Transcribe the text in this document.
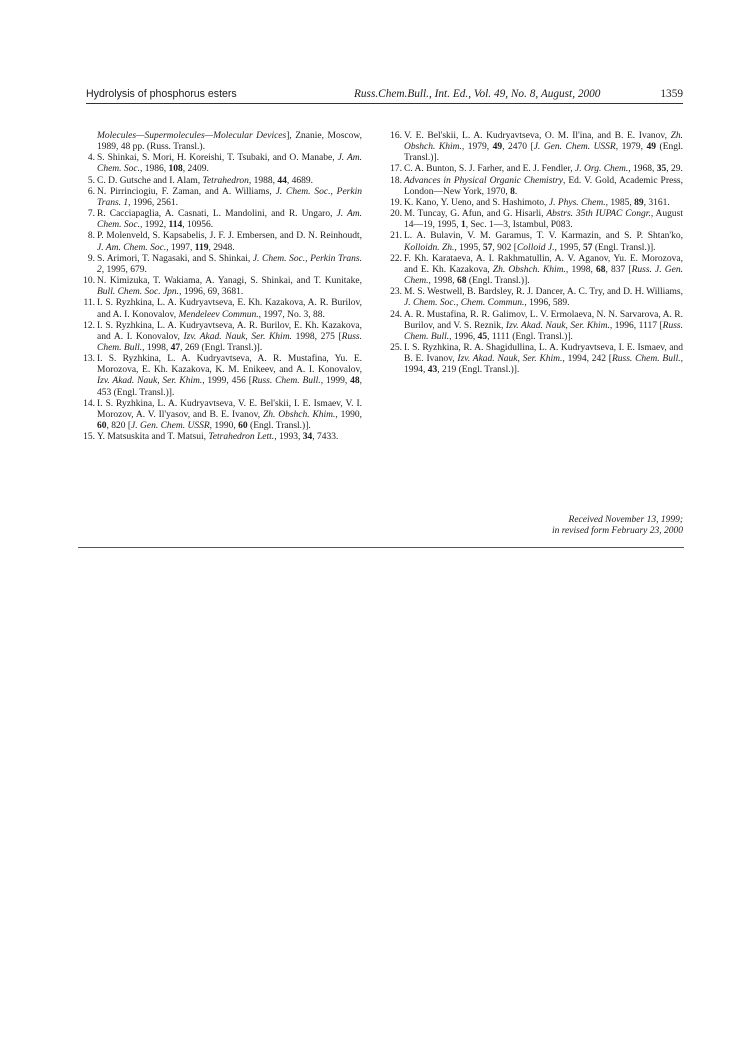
Hydrolysis of phosphorus esters	Russ.Chem.Bull., Int. Ed., Vol. 49, No. 8, August, 2000	1359
Molecules—Supermolecules—Molecular Devices], Znanie, Moscow, 1989, 48 pp. (Russ. Transl.).
4. S. Shinkai, S. Mori, H. Koreishi, T. Tsubaki, and O. Manabe, J. Am. Chem. Soc., 1986, 108, 2409.
5. C. D. Gutsche and I. Alam, Tetrahedron, 1988, 44, 4689.
6. N. Pirrinciogiu, F. Zaman, and A. Williams, J. Chem. Soc., Perkin Trans. 1, 1996, 2561.
7. R. Cacciapaglia, A. Casnati, L. Mandolini, and R. Ungaro, J. Am. Chem. Soc., 1992, 114, 10956.
8. P. Molenveld, S. Kapsabelis, J. F. J. Embersen, and D. N. Reinhoudt, J. Am. Chem. Soc., 1997, 119, 2948.
9. S. Arimori, T. Nagasaki, and S. Shinkai, J. Chem. Soc., Perkin Trans. 2, 1995, 679.
10. N. Kimizuka, T. Wakiama, A. Yanagi, S. Shinkai, and T. Kunitake, Bull. Chem. Soc. Jpn., 1996, 69, 3681.
11. I. S. Ryzhkina, L. A. Kudryavtseva, E. Kh. Kazakova, A. R. Burilov, and A. I. Konovalov, Mendeleev Commun., 1997, No. 3, 88.
12. I. S. Ryzhkina, L. A. Kudryavtseva, A. R. Burilov, E. Kh. Kazakova, and A. I. Konovalov, Izv. Akad. Nauk, Ser. Khim. 1998, 275 [Russ. Chem. Bull., 1998, 47, 269 (Engl. Transl.)].
13. I. S. Ryzhkina, L. A. Kudryavtseva, A. R. Mustafina, Yu. E. Morozova, E. Kh. Kazakova, K. M. Enikeev, and A. I. Konovalov, Izv. Akad. Nauk, Ser. Khim., 1999, 456 [Russ. Chem. Bull., 1999, 48, 453 (Engl. Transl.)].
14. I. S. Ryzhkina, L. A. Kudryavtseva, V. E. Bel'skii, I. E. Ismaev, V. I. Morozov, A. V. Il'yasov, and B. E. Ivanov, Zh. Obshch. Khim., 1990, 60, 820 [J. Gen. Chem. USSR, 1990, 60 (Engl. Transl.)].
15. Y. Matsuskita and T. Matsui, Tetrahedron Lett., 1993, 34, 7433.
16. V. E. Bel'skii, L. A. Kudryavtseva, O. M. Il'ina, and B. E. Ivanov, Zh. Obshch. Khim., 1979, 49, 2470 [J. Gen. Chem. USSR, 1979, 49 (Engl. Transl.)].
17. C. A. Bunton, S. J. Farher, and E. J. Fendler, J. Org. Chem., 1968, 35, 29.
18. Advances in Physical Organic Chemistry, Ed. V. Gold, Academic Press, London—New York, 1970, 8.
19. K. Kano, Y. Ueno, and S. Hashimoto, J. Phys. Chem., 1985, 89, 3161.
20. M. Tuncay, G. Afun, and G. Hisarli, Abstrs. 35th IUPAC Congr., August 14—19, 1995, 1, Sec. 1—3, Istambul, P083.
21. L. A. Bulavin, V. M. Garamus, T. V. Karmazin, and S. P. Shtan'ko, Kolloidn. Zh., 1995, 57, 902 [Colloid J., 1995, 57 (Engl. Transl.)].
22. F. Kh. Karataeva, A. I. Rakhmatullin, A. V. Aganov, Yu. E. Morozova, and E. Kh. Kazakova, Zh. Obshch. Khim., 1998, 68, 837 [Russ. J. Gen. Chem., 1998, 68 (Engl. Transl.)].
23. M. S. Westwell, B. Bardsley, R. J. Dancer, A. C. Try, and D. H. Williams, J. Chem. Soc., Chem. Commun., 1996, 589.
24. A. R. Mustafina, R. R. Galimov, L. V. Ermolaeva, N. N. Sarvarova, A. R. Burilov, and V. S. Reznik, Izv. Akad. Nauk, Ser. Khim., 1996, 1117 [Russ. Chem. Bull., 1996, 45, 1111 (Engl. Transl.)].
25. I. S. Ryzhkina, R. A. Shagidullina, L. A. Kudryavtseva, I. E. Ismaev, and B. E. Ivanov, Izv. Akad. Nauk, Ser. Khim., 1994, 242 [Russ. Chem. Bull., 1994, 43, 219 (Engl. Transl.)].
Received November 13, 1999;
in revised form February 23, 2000
